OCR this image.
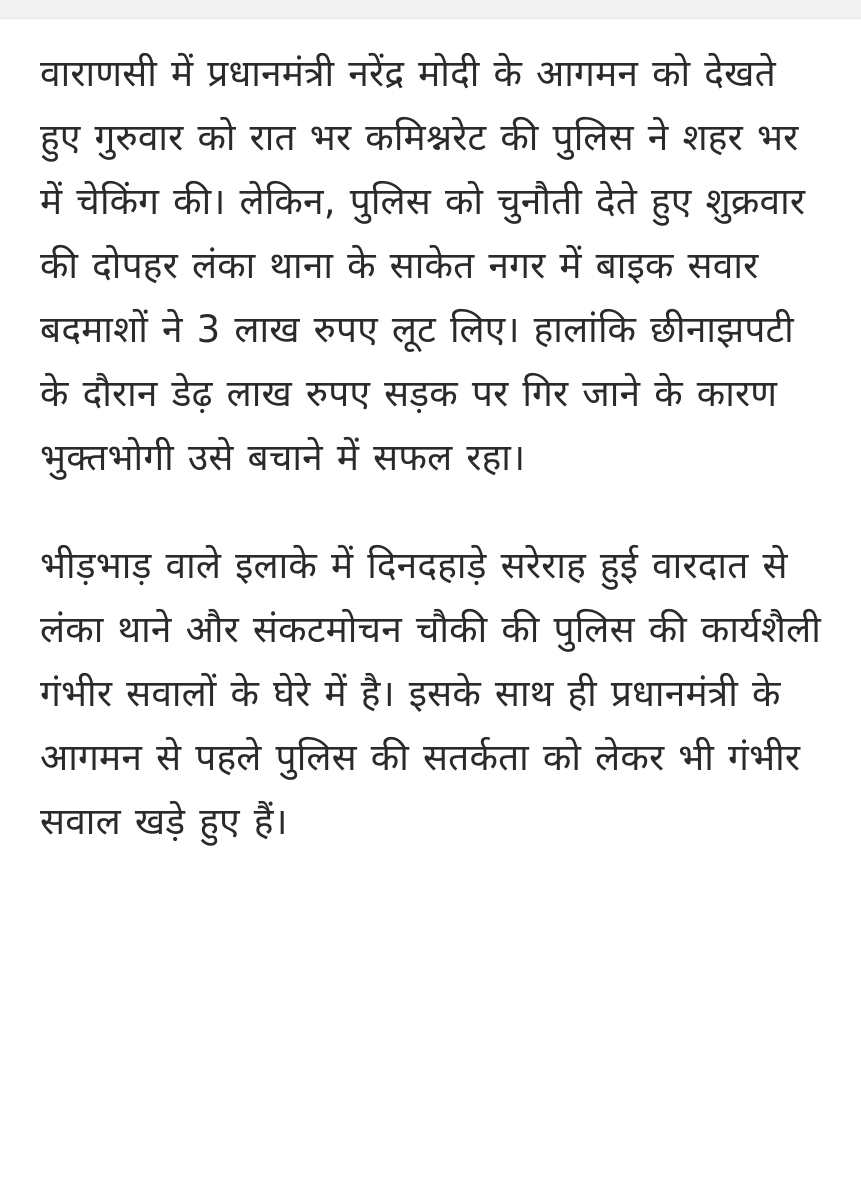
वाराणसी में प्रधानमंत्री नरेंद्र मोदी के आगमन को देखते हुए गुरुवार को रात भर कमिश्नरेट की पुलिस ने शहर भर में चेकिंग की। लेकिन, पुलिस को चुनौती देते हुए शुक्रवार की दोपहर लंका थाना के साकेत नगर में बाइक सवार बदमाशों ने 3 लाख रुपए लूट लिए। हालांकि छीनाझपटी के दौरान डेढ़ लाख रुपए सड़क पर गिर जाने के कारण भुक्तभोगी उसे बचाने में सफल रहा।

भीड़भाड़ वाले इलाके में दिनदहाड़े सरेराह हुई वारदात से लंका थाने और संकटमोचन चौकी की पुलिस की कार्यशैली गंभीर सवालों के घेरे में है। इसके साथ ही प्रधानमंत्री के आगमन से पहले पुलिस की सतर्कता को लेकर भी गंभीर सवाल खड़े हुए हैं।
